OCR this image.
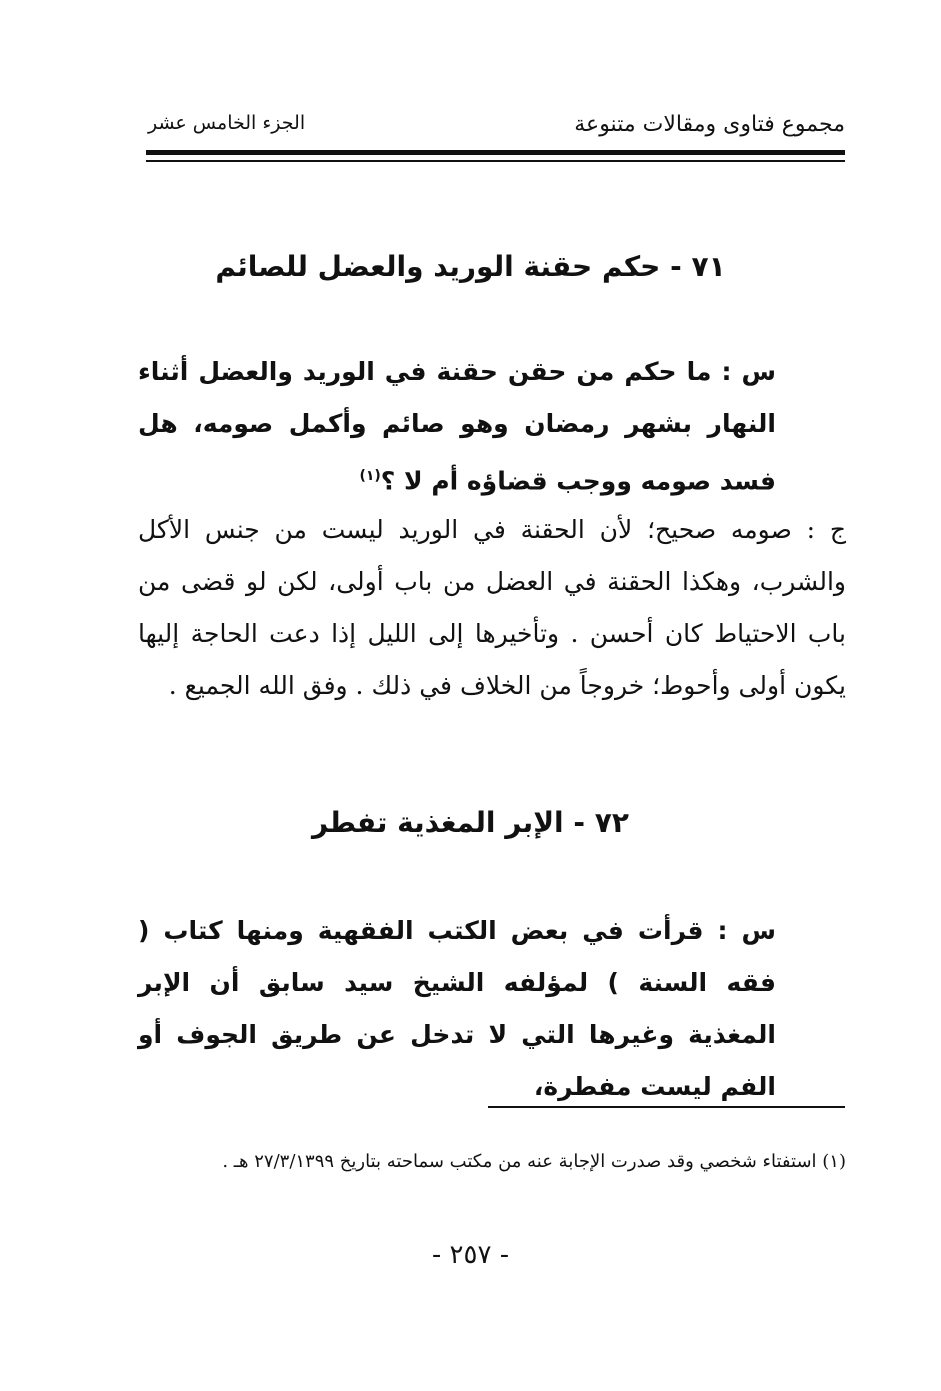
مجموع فتاوى ومقالات متنوعة
الجزء الخامس عشر
٧١ - حكم حقنة الوريد والعضل للصائم
س : ما حكم من حقن حقنة في الوريد والعضل أثناء النهار بشهر رمضان وهو صائم وأكمل صومه، هل فسد صومه ووجب قضاؤه أم لا ؟$^{(١)}$
ج : صومه صحيح؛ لأن الحقنة في الوريد ليست من جنس الأكل والشرب، وهكذا الحقنة في العضل من باب أولى، لكن لو قضى من باب الاحتياط كان أحسن . وتأخيرها إلى الليل إذا دعت الحاجة إليها يكون أولى وأحوط؛ خروجاً من الخلاف في ذلك . وفق الله الجميع .
٧٢ - الإبر المغذية تفطر
س : قرأت في بعض الكتب الفقهية ومنها كتاب ( فقه السنة ) لمؤلفه الشيخ سيد سابق أن الإبر المغذية وغيرها التي لا تدخل عن طريق الجوف أو الفم ليست مفطرة،
(١) استفتاء شخصي وقد صدرت الإجابة عنه من مكتب سماحته بتاريخ ٢٧/٣/١٣٩٩ هـ .
- ٢٥٧ -
